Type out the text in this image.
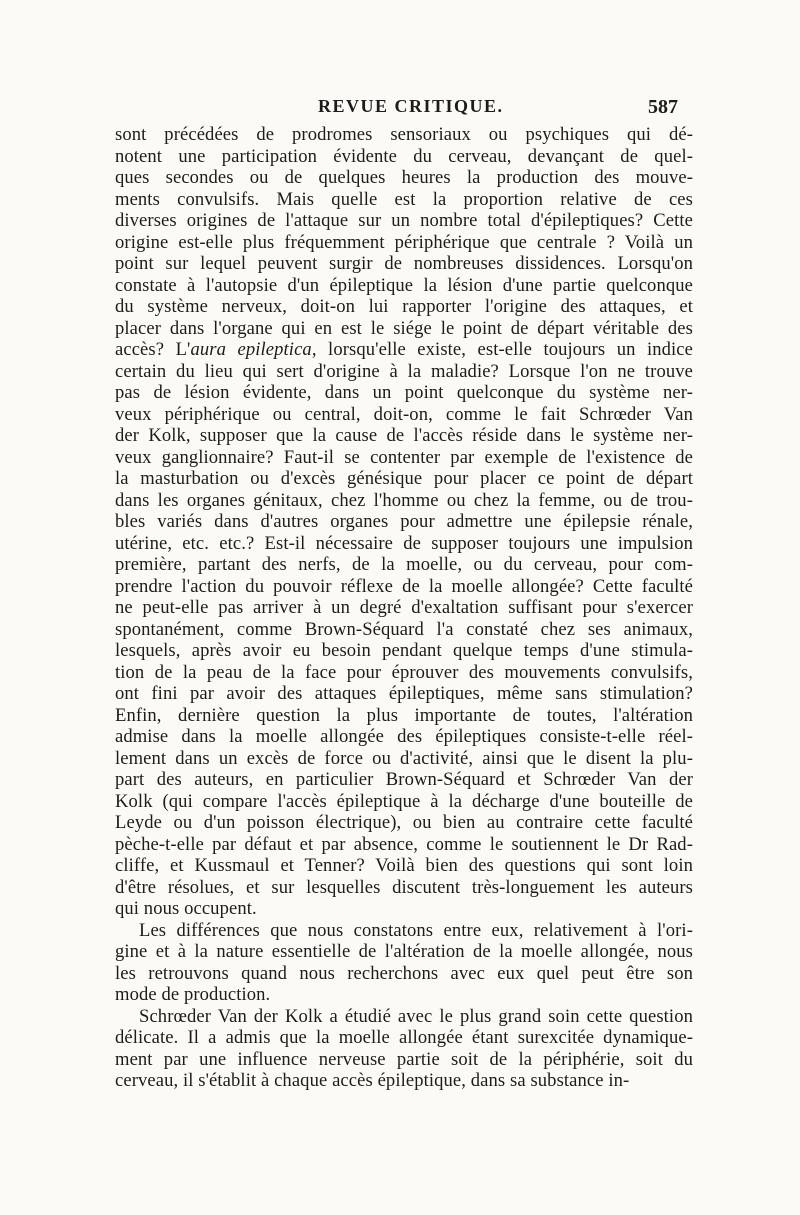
REVUE CRITIQUE.	587
sont précédées de prodromes sensoriaux ou psychiques qui dé-
notent une participation évidente du cerveau, devançant de quel-
ques secondes ou de quelques heures la production des mouve-
ments convulsifs. Mais quelle est la proportion relative de ces
diverses origines de l'attaque sur un nombre total d'épileptiques? Cette
origine est-elle plus fréquemment périphérique que centrale ? Voilà un
point sur lequel peuvent surgir de nombreuses dissidences. Lorsqu'on
constate à l'autopsie d'un épileptique la lésion d'une partie quelconque
du système nerveux, doit-on lui rapporter l'origine des attaques, et
placer dans l'organe qui en est le siége le point de départ véritable des
accès? L'aura epileptica, lorsqu'elle existe, est-elle toujours un indice
certain du lieu qui sert d'origine à la maladie? Lorsque l'on ne trouve
pas de lésion évidente, dans un point quelconque du système ner-
veux périphérique ou central, doit-on, comme le fait Schrœder Van
der Kolk, supposer que la cause de l'accès réside dans le système ner-
veux ganglionnaire? Faut-il se contenter par exemple de l'existence de
la masturbation ou d'excès génésique pour placer ce point de départ
dans les organes génitaux, chez l'homme ou chez la femme, ou de trou-
bles variés dans d'autres organes pour admettre une épilepsie rénale,
utérine, etc. etc.? Est-il nécessaire de supposer toujours une impulsion
première, partant des nerfs, de la moelle, ou du cerveau, pour com-
prendre l'action du pouvoir réflexe de la moelle allongée? Cette faculté
ne peut-elle pas arriver à un degré d'exaltation suffisant pour s'exercer
spontanément, comme Brown-Séquard l'a constaté chez ses animaux,
lesquels, après avoir eu besoin pendant quelque temps d'une stimula-
tion de la peau de la face pour éprouver des mouvements convulsifs,
ont fini par avoir des attaques épileptiques, même sans stimulation?
Enfin, dernière question la plus importante de toutes, l'altération
admise dans la moelle allongée des épileptiques consiste-t-elle réel-
lement dans un excès de force ou d'activité, ainsi que le disent la plu-
part des auteurs, en particulier Brown-Séquard et Schrœder Van der
Kolk (qui compare l'accès épileptique à la décharge d'une bouteille de
Leyde ou d'un poisson électrique), ou bien au contraire cette faculté
pèche-t-elle par défaut et par absence, comme le soutiennent le Dr Rad-
cliffe, et Kussmaul et Tenner? Voilà bien des questions qui sont loin
d'être résolues, et sur lesquelles discutent très-longuement les auteurs
qui nous occupent.
Les différences que nous constatons entre eux, relativement à l'ori-
gine et à la nature essentielle de l'altération de la moelle allongée, nous
les retrouvons quand nous recherchons avec eux quel peut être son
mode de production.
Schrœder Van der Kolk a étudié avec le plus grand soin cette question
délicate. Il a admis que la moelle allongée étant surexcitée dynamique-
ment par une influence nerveuse partie soit de la périphérie, soit du
cerveau, il s'établit à chaque accès épileptique, dans sa substance in-
